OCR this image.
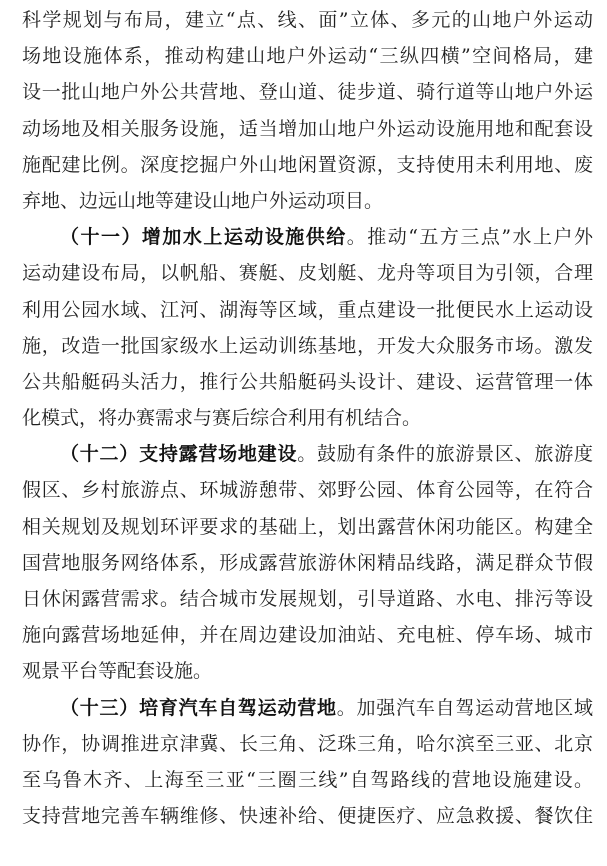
科学规划与布局，建立“点、线、面”立体、多元的山地户外运动
场地设施体系，推动构建山地户外运动“三纵四横”空间格局，建
设一批山地户外公共营地、登山道、徒步道、骑行道等山地户外运
动场地及相关服务设施，适当增加山地户外运动设施用地和配套设
施配建比例。深度挖掘户外山地闲置资源，支持使用未利用地、废
弃地、边远山地等建设山地户外运动项目。
（十一）增加水上运动设施供给。推动“五方三点”水上户外
运动建设布局，以帆船、赛艇、皮划艇、龙舟等项目为引领，合理
利用公园水域、江河、湖海等区域，重点建设一批便民水上运动设
施，改造一批国家级水上运动训练基地，开发大众服务市场。激发
公共船艇码头活力，推行公共船艇码头设计、建设、运营管理一体
化模式，将办赛需求与赛后综合利用有机结合。
（十二）支持露营场地建设。鼓励有条件的旅游景区、旅游度
假区、乡村旅游点、环城游憩带、郊野公园、体育公园等，在符合
相关规划及规划环评要求的基础上，划出露营休闲功能区。构建全
国营地服务网络体系，形成露营旅游休闲精品线路，满足群众节假
日休闲露营需求。结合城市发展规划，引导道路、水电、排污等设
施向露营场地延伸，并在周边建设加油站、充电桩、停车场、城市
观景平台等配套设施。
（十三）培育汽车自驾运动营地。加强汽车自驾运动营地区域
协作，协调推进京津冀、长三角、泛珠三角，哈尔滨至三亚、北京
至乌鲁木齐、上海至三亚“三圈三线”自驾路线的营地设施建设。
支持营地完善车辆维修、快速补给、便捷医疗、应急救援、餐饮住
